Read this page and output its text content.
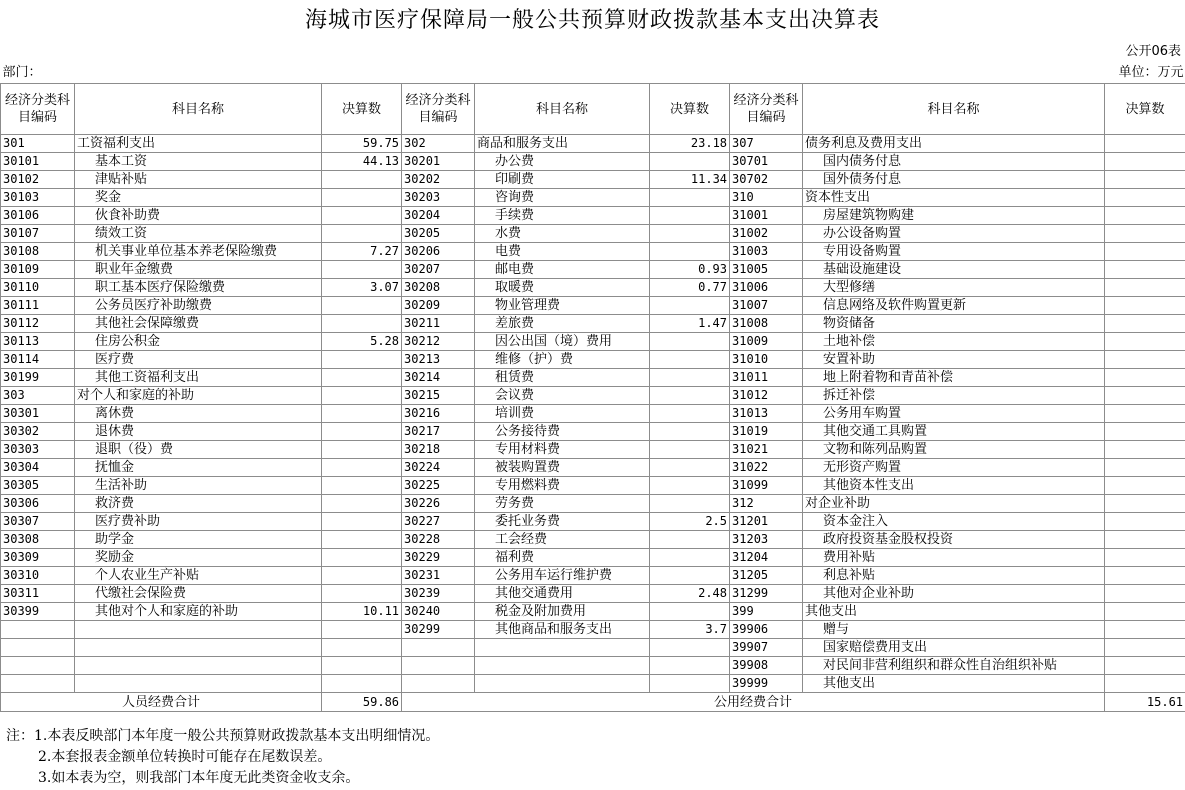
海城市医疗保障局一般公共预算财政拨款基本支出决算表
公开06表
部门：								单位：万元
经济分类科目编码	科目名称	决算数	经济分类科目编码	科目名称	决算数	经济分类科目编码	科目名称	决算数
301	工资福利支出	59.75	302	商品和服务支出	23.18	307	债务利息及费用支出	
30101	基本工资	44.13	30201	办公费		30701	国内债务付息	
30102	津贴补贴		30202	印刷费	11.34	30702	国外债务付息	
30103	奖金		30203	咨询费		310	资本性支出	
30106	伙食补助费		30204	手续费		31001	房屋建筑物购建	
30107	绩效工资		30205	水费		31002	办公设备购置	
30108	机关事业单位基本养老保险缴费	7.27	30206	电费		31003	专用设备购置	
30109	职业年金缴费		30207	邮电费	0.93	31005	基础设施建设	
30110	职工基本医疗保险缴费	3.07	30208	取暖费	0.77	31006	大型修缮	
30111	公务员医疗补助缴费		30209	物业管理费		31007	信息网络及软件购置更新	
30112	其他社会保障缴费		30211	差旅费	1.47	31008	物资储备	
30113	住房公积金	5.28	30212	因公出国（境）费用		31009	土地补偿	
30114	医疗费		30213	维修（护）费		31010	安置补助	
30199	其他工资福利支出		30214	租赁费		31011	地上附着物和青苗补偿	
303	对个人和家庭的补助		30215	会议费		31012	拆迁补偿	
30301	离休费		30216	培训费		31013	公务用车购置	
30302	退休费		30217	公务接待费		31019	其他交通工具购置	
30303	退职（役）费		30218	专用材料费		31021	文物和陈列品购置	
30304	抚恤金		30224	被装购置费		31022	无形资产购置	
30305	生活补助		30225	专用燃料费		31099	其他资本性支出	
30306	救济费		30226	劳务费		312	对企业补助	
30307	医疗费补助		30227	委托业务费	2.5	31201	资本金注入	
30308	助学金		30228	工会经费		31203	政府投资基金股权投资	
30309	奖励金		30229	福利费		31204	费用补贴	
30310	个人农业生产补贴		30231	公务用车运行维护费		31205	利息补贴	
30311	代缴社会保险费		30239	其他交通费用	2.48	31299	其他对企业补助	
30399	其他对个人和家庭的补助	10.11	30240	税金及附加费用		399	其他支出	
			30299	其他商品和服务支出	3.7	39906	赠与	
						39907	国家赔偿费用支出	
						39908	对民间非营利组织和群众性自治组织补贴	
						39999	其他支出	
人员经费合计		59.86	公用经费合计					15.61
注：1.本表反映部门本年度一般公共预算财政拨款基本支出明细情况。
2.本套报表金额单位转换时可能存在尾数误差。
3.如本表为空，则我部门本年度无此类资金收支余。
